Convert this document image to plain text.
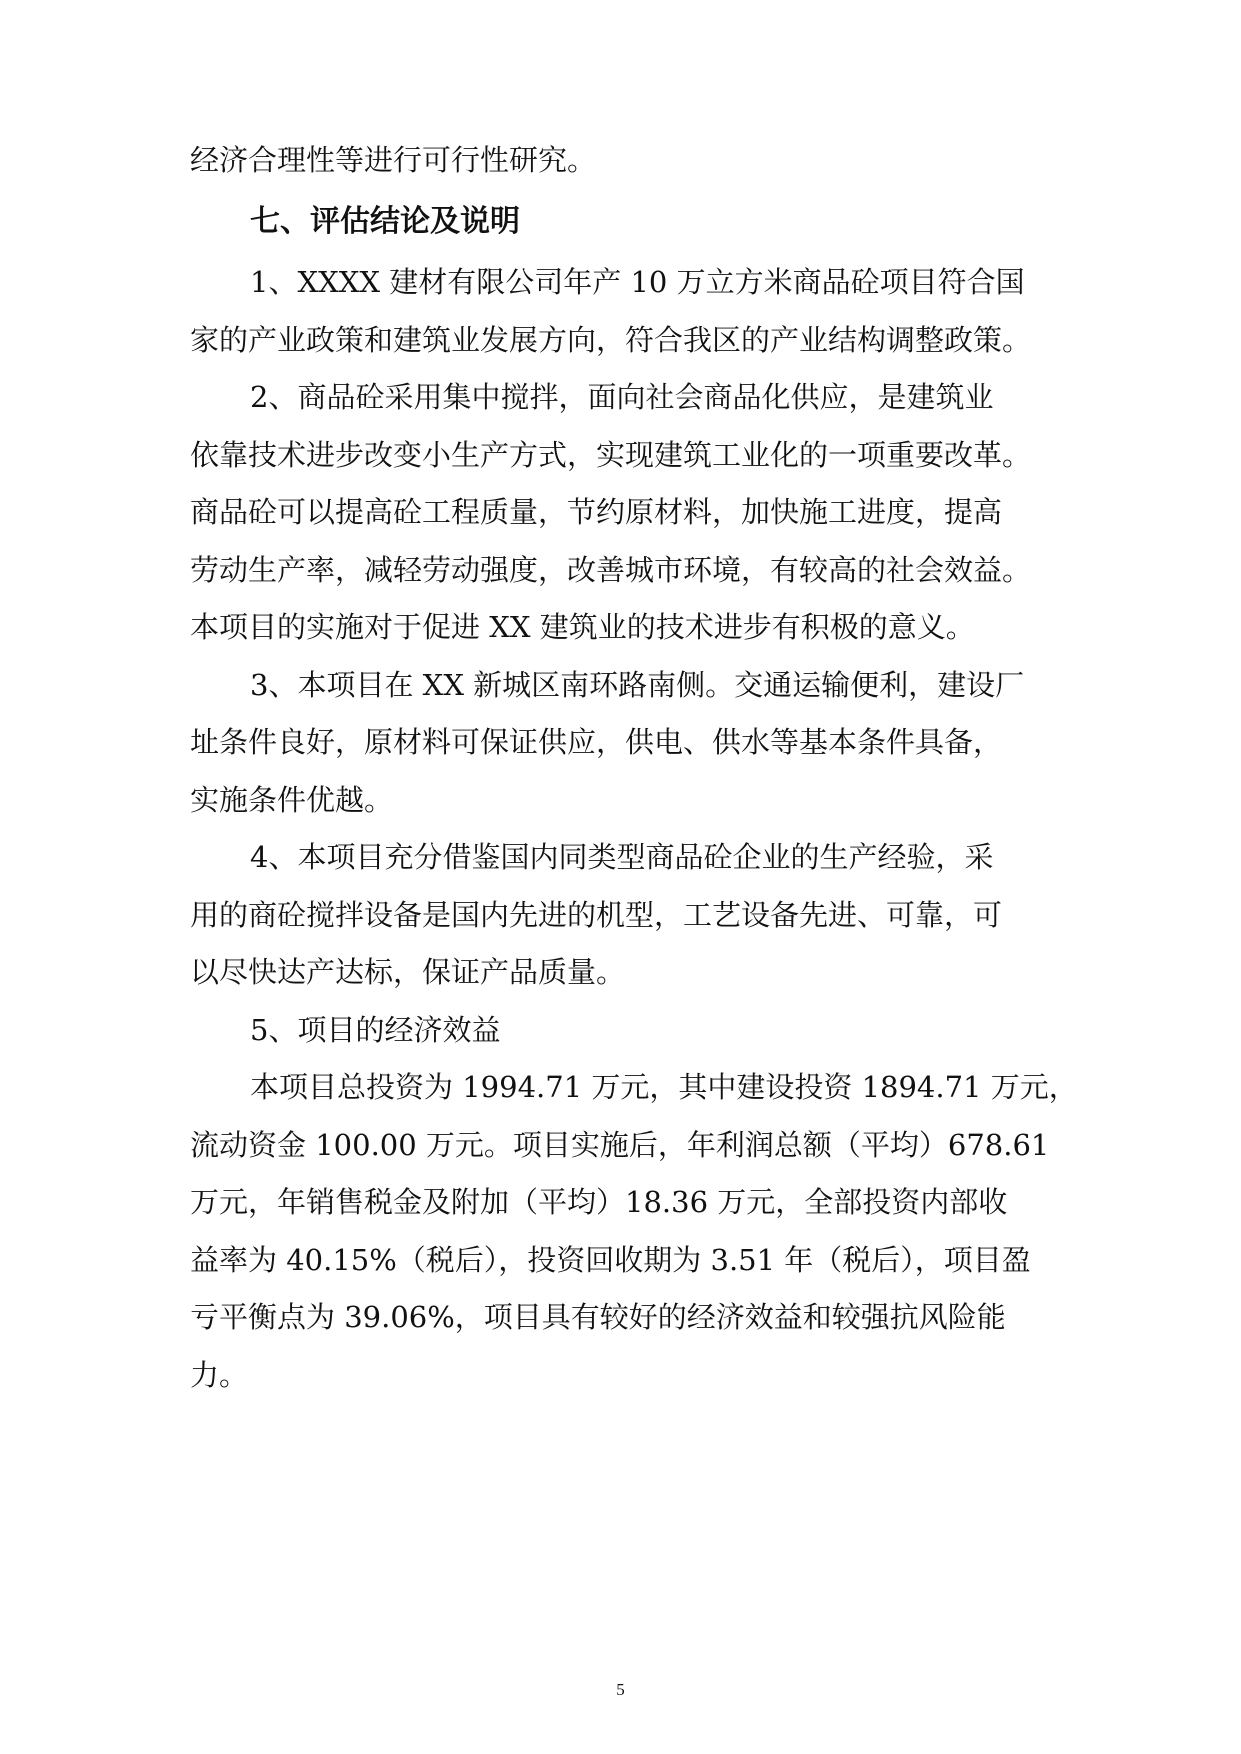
经济合理性等进行可行性研究。
七、评估结论及说明
1、XXXX 建材有限公司年产 10 万立方米商品砼项目符合国
家的产业政策和建筑业发展方向，符合我区的产业结构调整政策。
2、商品砼采用集中搅拌，面向社会商品化供应，是建筑业
依靠技术进步改变小生产方式，实现建筑工业化的一项重要改革。
商品砼可以提高砼工程质量，节约原材料，加快施工进度，提高
劳动生产率，减轻劳动强度，改善城市环境，有较高的社会效益。
本项目的实施对于促进 XX 建筑业的技术进步有积极的意义。
3、本项目在 XX 新城区南环路南侧。交通运输便利，建设厂
址条件良好，原材料可保证供应，供电、供水等基本条件具备，
实施条件优越。
4、本项目充分借鉴国内同类型商品砼企业的生产经验，采
用的商砼搅拌设备是国内先进的机型，工艺设备先进、可靠，可
以尽快达产达标，保证产品质量。
5、项目的经济效益
本项目总投资为 1994.71 万元，其中建设投资 1894.71 万元，
流动资金 100.00 万元。项目实施后，年利润总额（平均）678.61
万元，年销售税金及附加（平均）18.36 万元，全部投资内部收
益率为 40.15%（税后），投资回收期为 3.51 年（税后），项目盈
亏平衡点为 39.06%，项目具有较好的经济效益和较强抗风险能
力。
5
